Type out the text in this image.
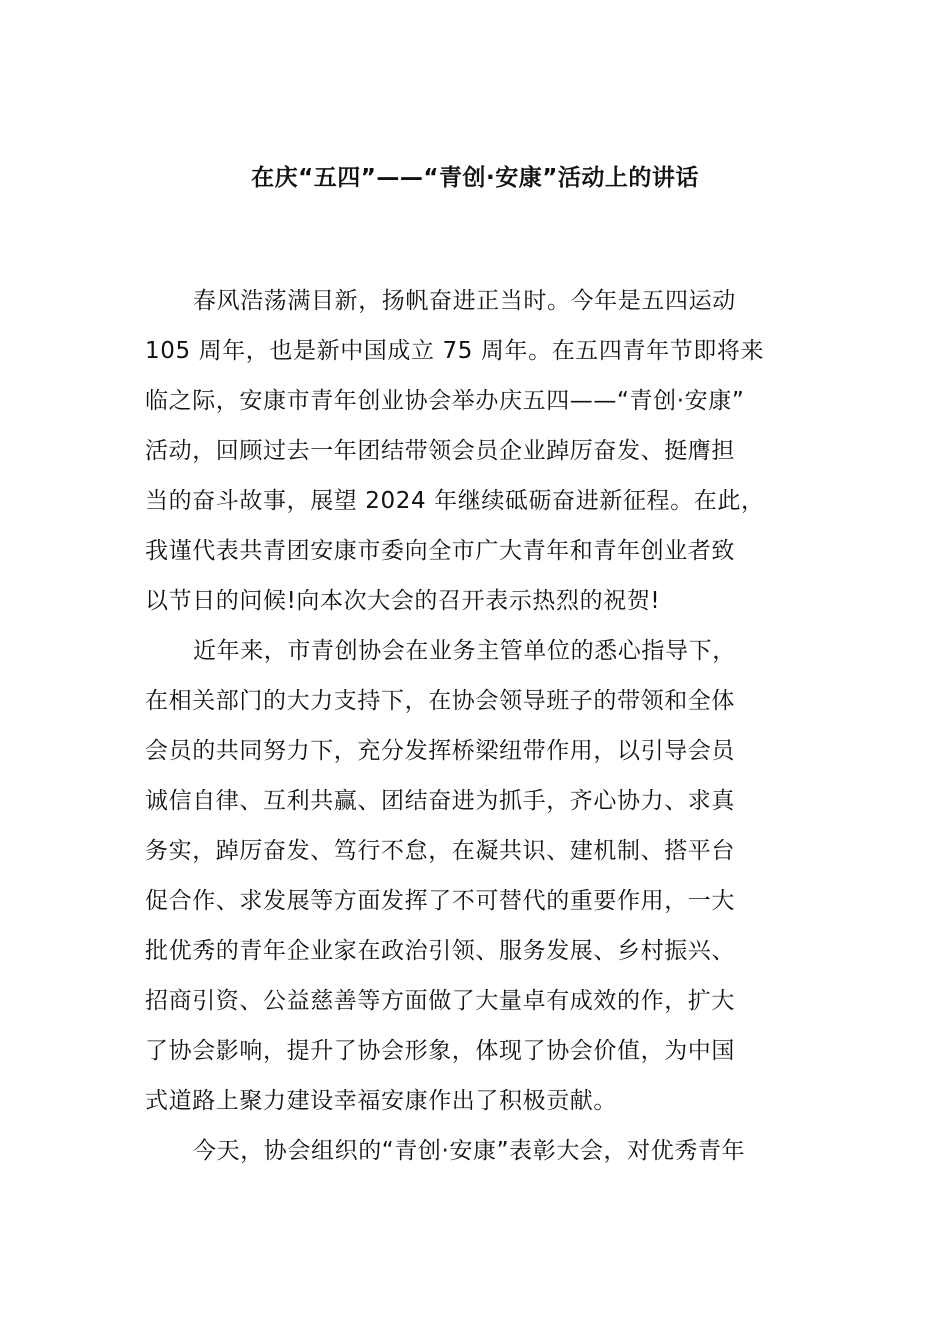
在庆“五四”——“青创·安康”活动上的讲话
春风浩荡满目新，扬帆奋进正当时。今年是五四运动
105 周年，也是新中国成立 75 周年。在五四青年节即将来
临之际，安康市青年创业协会举办庆五四——“青创·安康”
活动，回顾过去一年团结带领会员企业踔厉奋发、挺膺担
当的奋斗故事，展望 2024 年继续砥砺奋进新征程。在此，
我谨代表共青团安康市委向全市广大青年和青年创业者致
以节日的问候!向本次大会的召开表示热烈的祝贺!
近年来，市青创协会在业务主管单位的悉心指导下，
在相关部门的大力支持下，在协会领导班子的带领和全体
会员的共同努力下，充分发挥桥梁纽带作用，以引导会员
诚信自律、互利共赢、团结奋进为抓手，齐心协力、求真
务实，踔厉奋发、笃行不怠，在凝共识、建机制、搭平台
促合作、求发展等方面发挥了不可替代的重要作用，一大
批优秀的青年企业家在政治引领、服务发展、乡村振兴、
招商引资、公益慈善等方面做了大量卓有成效的作，扩大
了协会影响，提升了协会形象，体现了协会价值，为中国
式道路上聚力建设幸福安康作出了积极贡献。
今天，协会组织的“青创·安康”表彰大会，对优秀青年
